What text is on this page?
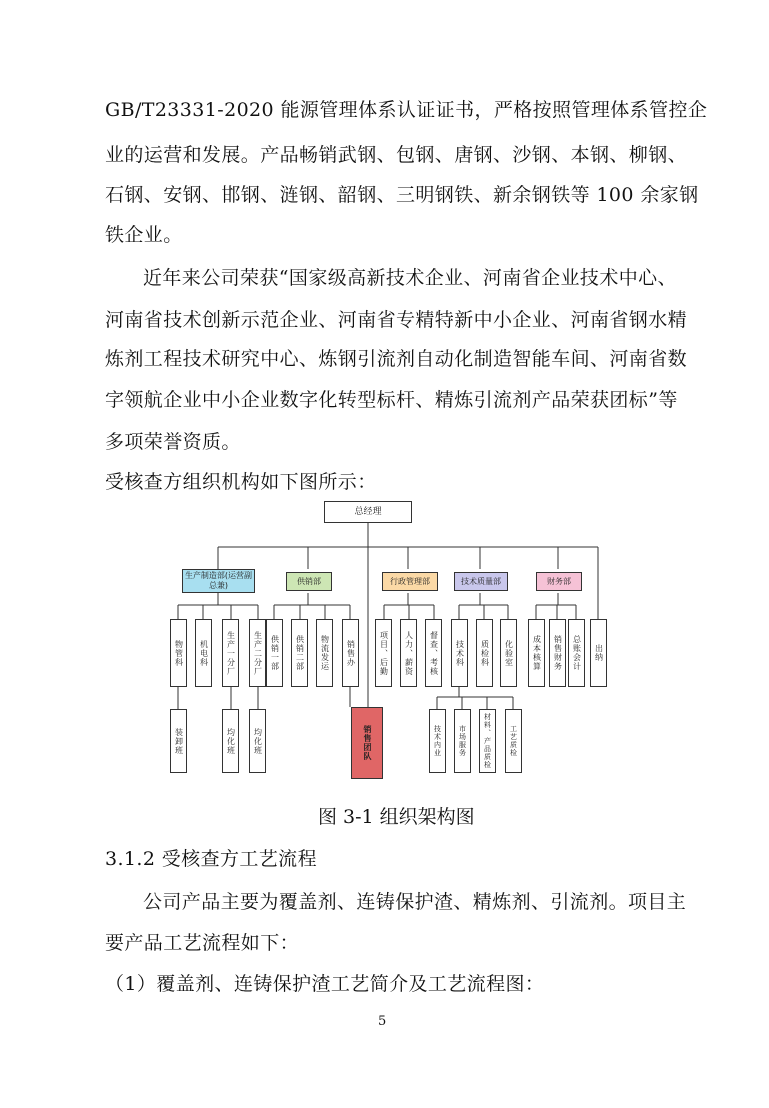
GB/T23331-2020 能源管理体系认证证书，严格按照管理体系管控企
业的运营和发展。产品畅销武钢、包钢、唐钢、沙钢、本钢、柳钢、
石钢、安钢、邯钢、涟钢、韶钢、三明钢铁、新余钢铁等 100 余家钢
铁企业。
近年来公司荣获“国家级高新技术企业、河南省企业技术中心、
河南省技术创新示范企业、河南省专精特新中小企业、河南省钢水精
炼剂工程技术研究中心、炼钢引流剂自动化制造智能车间、河南省数
字领航企业中小企业数字化转型标杆、精炼引流剂产品荣获团标”等
多项荣誉资质。
受核查方组织机构如下图所示：
总经理
生产制造部(运营副总兼)	供销部	行政管理部	技术质量部	财务部
物管科	机电科	生产一分厂	生产二分厂	供销一部	供销二部	物流发运	销售办	项目、后勤	人力、薪资	督查、考核	技术科	质检科	化验室	成本核算	销售财务	总账会计	出纳
装卸班	均化班	均化班	销售团队	技术内业	市场服务	材料、产品质检	工艺质检
图 3-1 组织架构图
3.1.2 受核查方工艺流程
公司产品主要为覆盖剂、连铸保护渣、精炼剂、引流剂。项目主
要产品工艺流程如下：
（1）覆盖剂、连铸保护渣工艺简介及工艺流程图：
5
